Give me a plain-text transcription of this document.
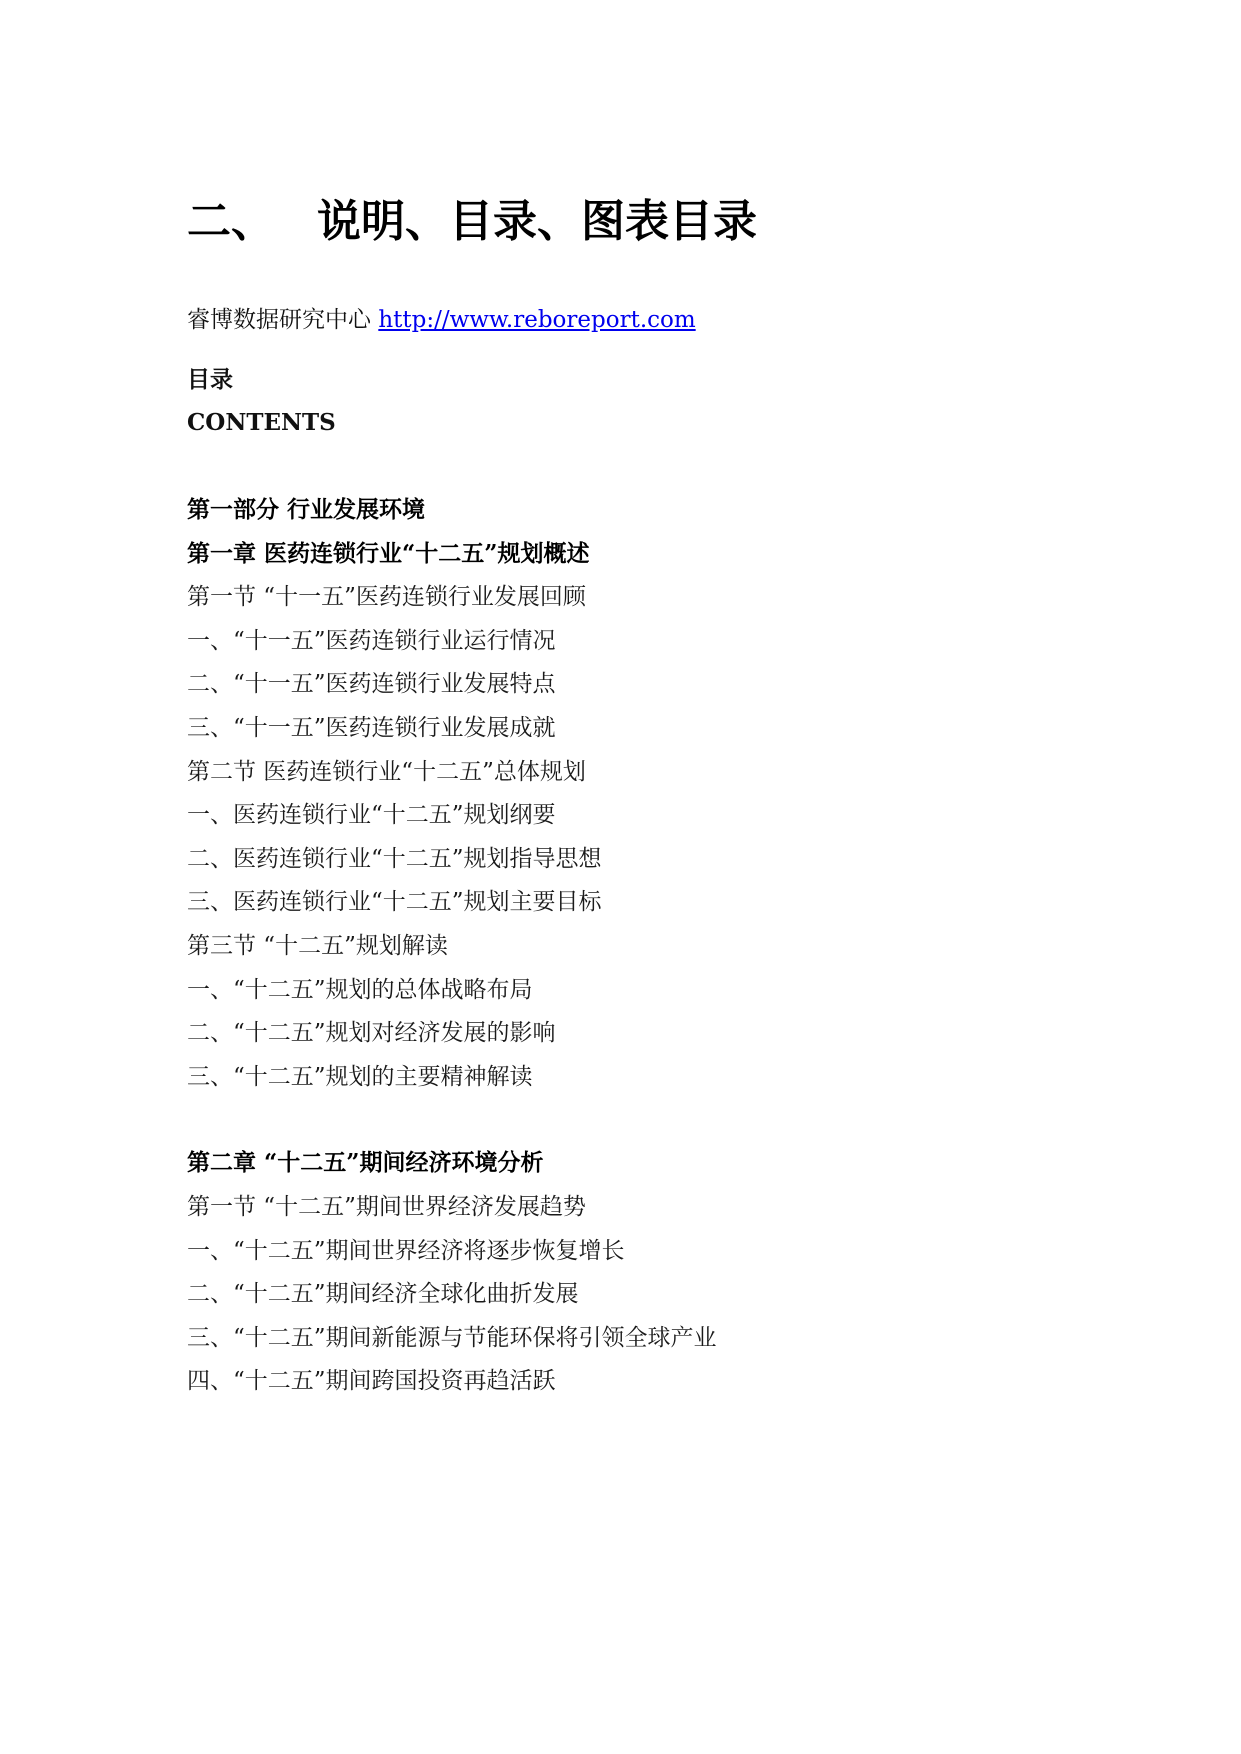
二、 说明、目录、图表目录
睿博数据研究中心 http://www.reboreport.com
目录
CONTENTS
第一部分 行业发展环境
第一章 医药连锁行业“十二五”规划概述
第一节 “十一五”医药连锁行业发展回顾
一、“十一五”医药连锁行业运行情况
二、“十一五”医药连锁行业发展特点
三、“十一五”医药连锁行业发展成就
第二节 医药连锁行业“十二五”总体规划
一、医药连锁行业“十二五”规划纲要
二、医药连锁行业“十二五”规划指导思想
三、医药连锁行业“十二五”规划主要目标
第三节 “十二五”规划解读
一、“十二五”规划的总体战略布局
二、“十二五”规划对经济发展的影响
三、“十二五”规划的主要精神解读
第二章 “十二五”期间经济环境分析
第一节 “十二五”期间世界经济发展趋势
一、“十二五”期间世界经济将逐步恢复增长
二、“十二五”期间经济全球化曲折发展
三、“十二五”期间新能源与节能环保将引领全球产业
四、“十二五”期间跨国投资再趋活跃
